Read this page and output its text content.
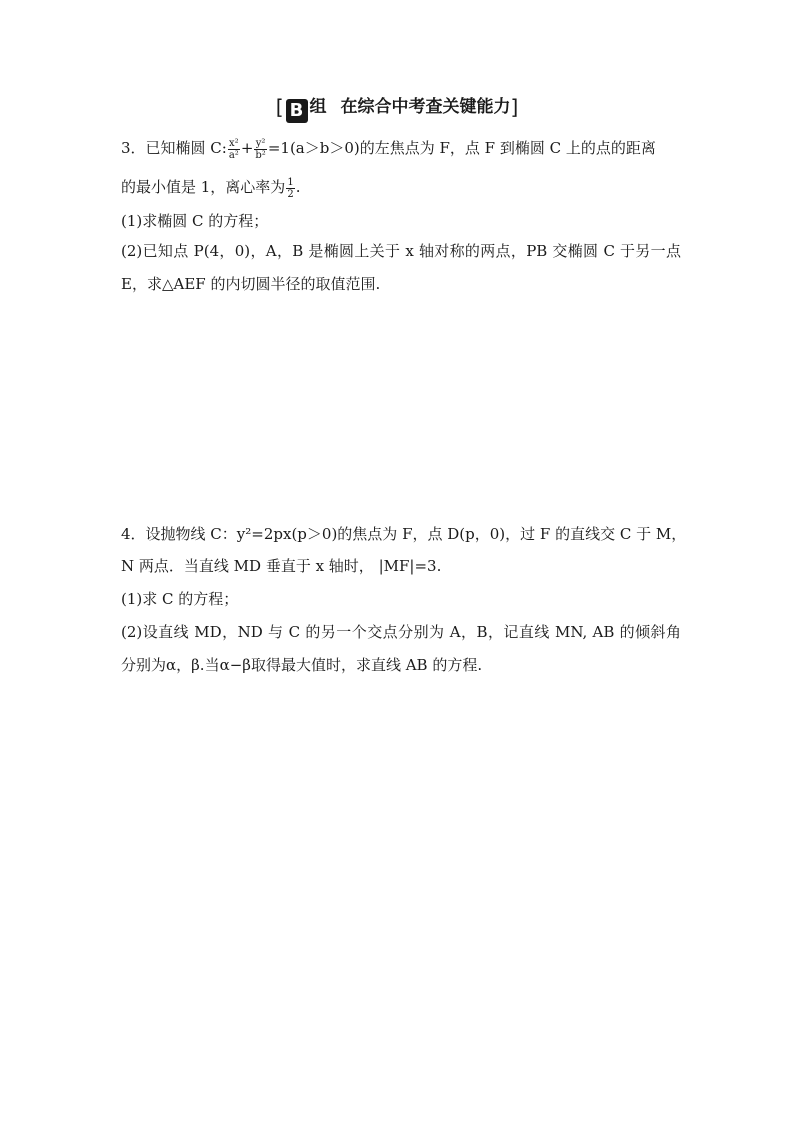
[ B 组 在综合中考查关键能力]
3．已知椭圆 C: $\frac{\text{x²}}{\text{a²}} + \frac{\text{y²}}{\text{b²}} =1(a>b>0)$的左焦点为 F，点 F 到椭圆 C 上的点的距离
的最小值是 1，离心率为 $\frac{1}{2}$ .
(1)求椭圆 C 的方程；
(2)已知点 P(4，0)，A，B 是椭圆上关于 x 轴对称的两点，PB 交椭圆 C 于另一点
E，求△AEF 的内切圆半径的取值范围.
4．设抛物线 C：y²=2px(p＞0)的焦点为 F，点 D(p，0)，过 F 的直线交 C 于 M，
N 两点．当直线 MD 垂直于 x 轴时， |MF|=3.
(1)求 C 的方程；
(2)设直线 MD，ND 与 C 的另一个交点分别为 A，B，记直线 MN, AB 的倾斜角
分别为α，β.当α−β取得最大值时，求直线 AB 的方程.
